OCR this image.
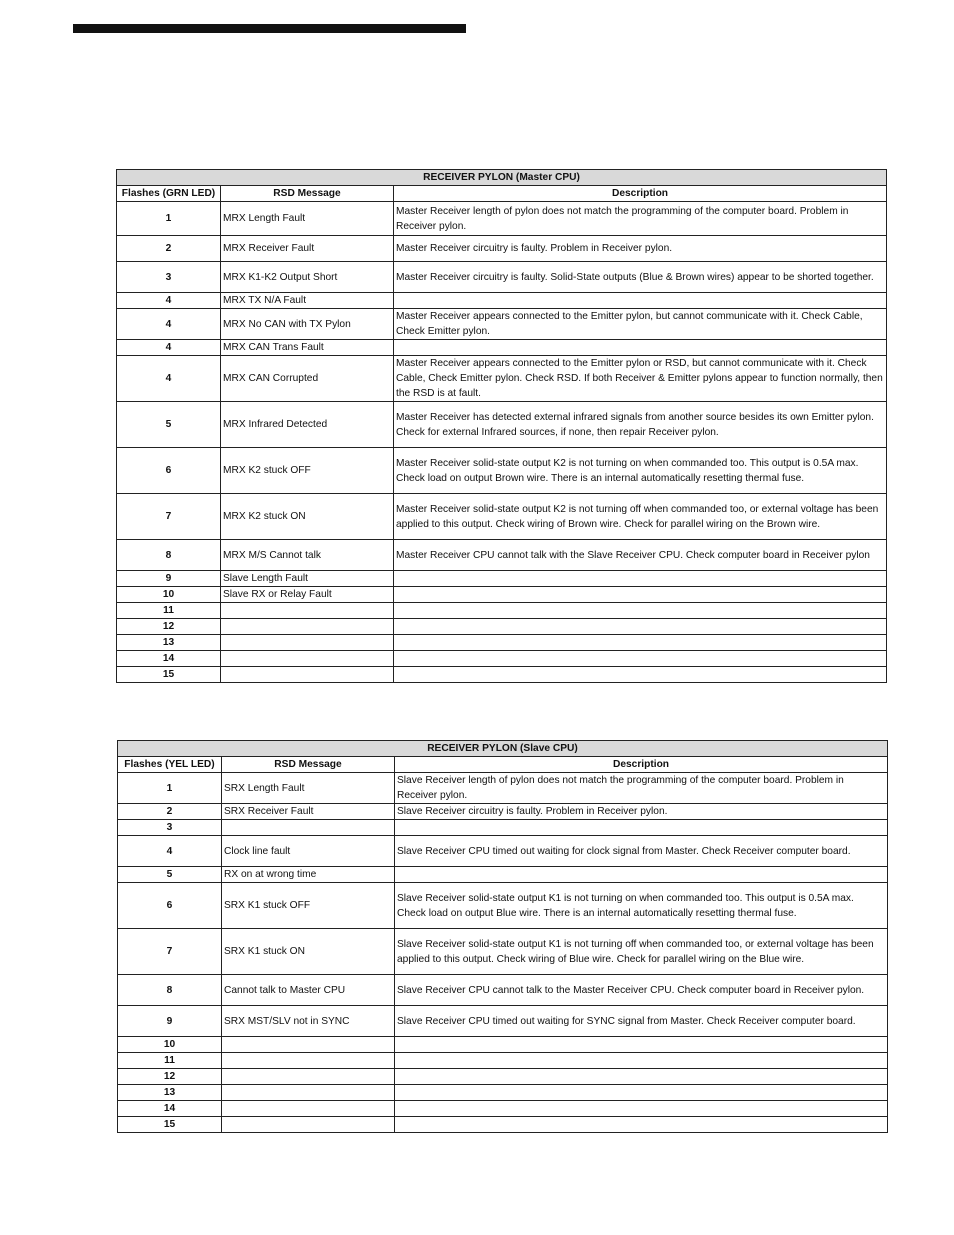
RECEIVER PYLON (Master CPU)		
Flashes (GRN LED)	RSD Message	Description
1	MRX Length Fault	Master Receiver length of pylon does not match the programming of the computer board. Problem in Receiver pylon.
2	MRX Receiver Fault	Master Receiver circuitry is faulty. Problem in Receiver pylon.
3	MRX K1-K2 Output Short	Master Receiver circuitry is faulty. Solid-State outputs (Blue & Brown wires) appear to be shorted together.
4	MRX TX N/A Fault	
4	MRX No CAN with TX Pylon	Master Receiver appears connected to the Emitter pylon, but cannot communicate with it. Check Cable, Check Emitter pylon.
4	MRX CAN Trans Fault	
4	MRX CAN Corrupted	Master Receiver appears connected to the Emitter pylon or RSD, but cannot communicate with it. Check Cable, Check Emitter pylon. Check RSD. If both Receiver & Emitter pylons appear to function normally, then the RSD is at fault.
5	MRX Infrared Detected	Master Receiver has detected external infrared signals from another source besides its own Emitter pylon. Check for external Infrared sources, if none, then repair Receiver pylon.
6	MRX K2 stuck OFF	Master Receiver solid-state output K2 is not turning on when commanded too. This output is 0.5A max. Check load on output Brown wire. There is an internal automatically resetting thermal fuse.
7	MRX K2 stuck ON	Master Receiver solid-state output K2 is not turning off when commanded too, or external voltage has been applied to this output. Check wiring of Brown wire. Check for parallel wiring on the Brown wire.
8	MRX M/S Cannot talk	Master Receiver CPU cannot talk with the Slave Receiver CPU. Check computer board in Receiver pylon
9	Slave Length Fault	
10	Slave RX or Relay Fault	
11		
12		
13		
14		
15		
RECEIVER PYLON (Slave CPU)		
Flashes (YEL LED)	RSD Message	Description
1	SRX Length Fault	Slave Receiver length of pylon does not match the programming of the computer board. Problem in Receiver pylon.
2	SRX Receiver Fault	Slave Receiver circuitry is faulty. Problem in Receiver pylon.
3		
4	Clock line fault	Slave Receiver CPU timed out waiting for clock signal from Master. Check Receiver computer board.
5	RX on at wrong time	
6	SRX K1 stuck OFF	Slave Receiver solid-state output K1 is not turning on when commanded too. This output is 0.5A max. Check load on output Blue wire. There is an internal automatically resetting thermal fuse.
7	SRX K1 stuck ON	Slave Receiver solid-state output K1 is not turning off when commanded too, or external voltage has been applied to this output. Check wiring of Blue wire. Check for parallel wiring on the Blue wire.
8	Cannot talk to Master CPU	Slave Receiver CPU cannot talk to the Master Receiver CPU. Check computer board in Receiver pylon.
9	SRX MST/SLV not in SYNC	Slave Receiver CPU timed out waiting for SYNC signal from Master. Check Receiver computer board.
10		
11		
12		
13		
14		
15		
